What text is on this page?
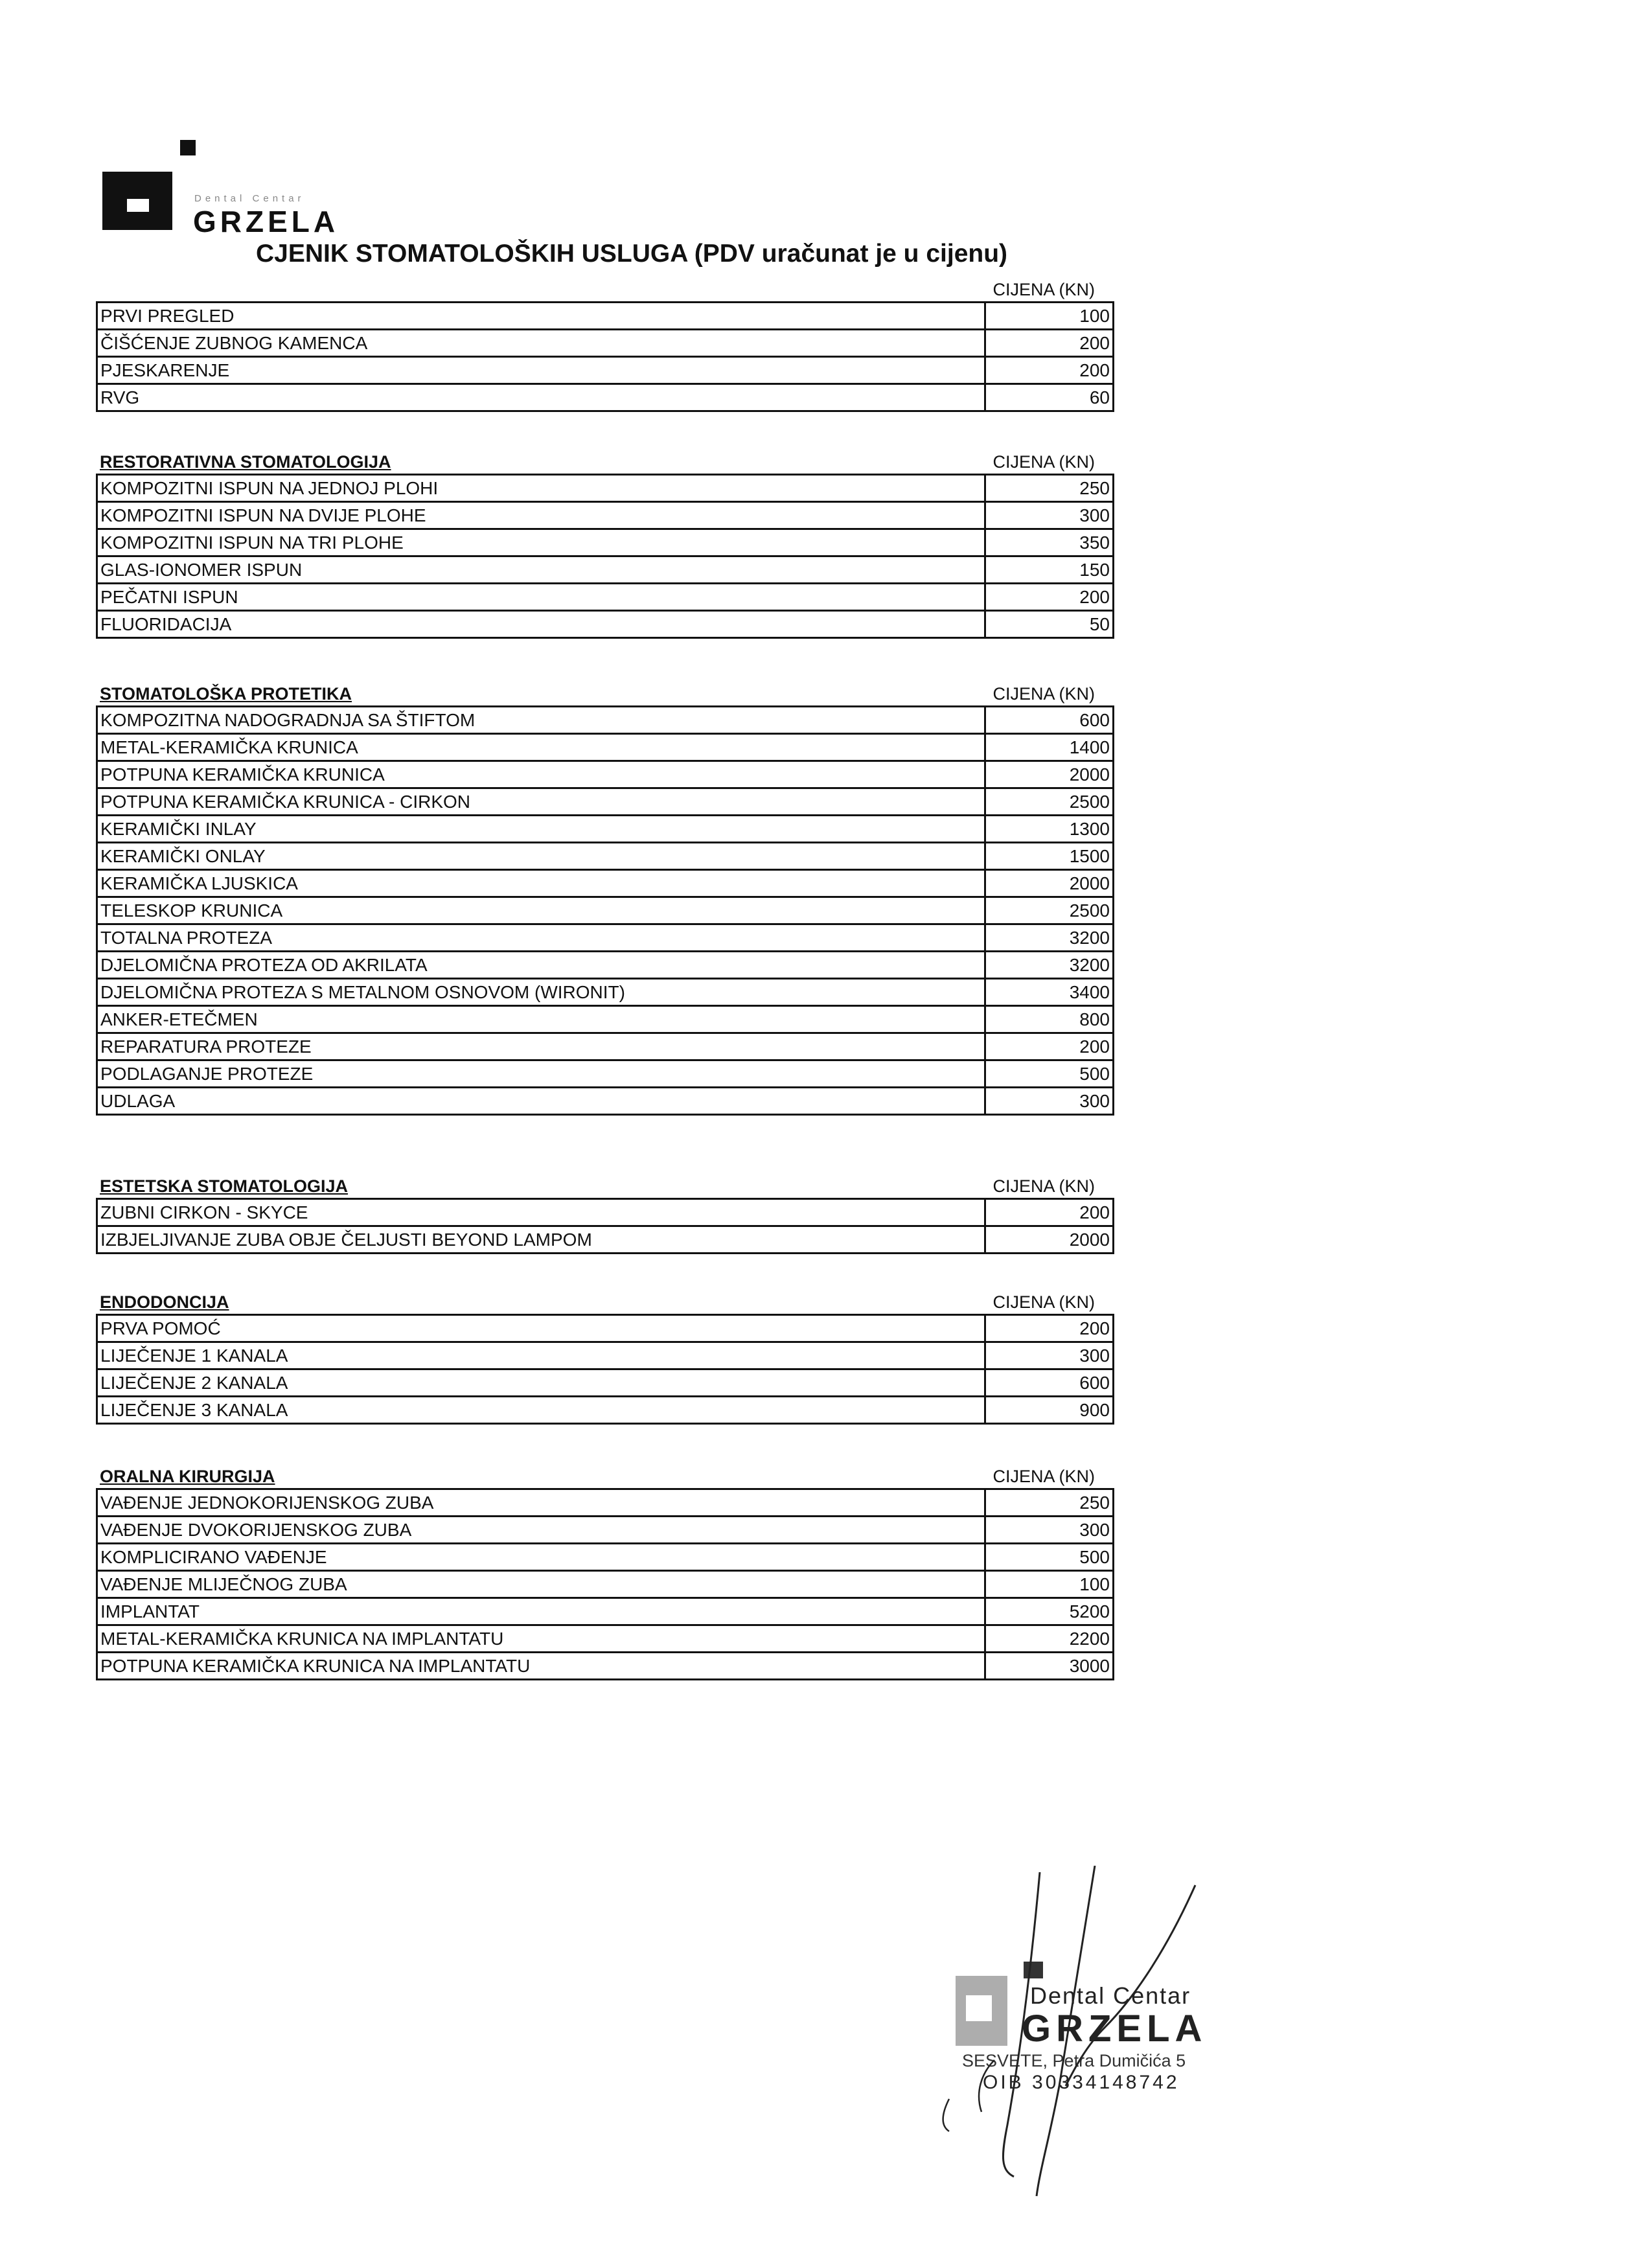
Dental Centar
GRZELA
CJENIK STOMATOLOŠKIH USLUGA (PDV uračunat je u cijenu)
CIJENA (KN)
PRVI PREGLED	100
ČIŠĆENJE ZUBNOG KAMENCA	200
PJESKARENJE	200
RVG	60
RESTORATIVNA STOMATOLOGIJA	CIJENA (KN)
KOMPOZITNI ISPUN NA JEDNOJ PLOHI	250
KOMPOZITNI ISPUN NA DVIJE PLOHE	300
KOMPOZITNI ISPUN NA TRI PLOHE	350
GLAS-IONOMER ISPUN	150
PEČATNI ISPUN	200
FLUORIDACIJA	50
STOMATOLOŠKA PROTETIKA	CIJENA (KN)
KOMPOZITNA NADOGRADNJA SA ŠTIFTOM	600
METAL-KERAMIČKA KRUNICA	1400
POTPUNA KERAMIČKA KRUNICA	2000
POTPUNA KERAMIČKA KRUNICA - CIRKON	2500
KERAMIČKI INLAY	1300
KERAMIČKI ONLAY	1500
KERAMIČKA LJUSKICA	2000
TELESKOP KRUNICA	2500
TOTALNA PROTEZA	3200
DJELOMIČNA PROTEZA OD AKRILATA	3200
DJELOMIČNA PROTEZA S METALNOM OSNOVOM (WIRONIT)	3400
ANKER-ETEČMEN	800
REPARATURA PROTEZE	200
PODLAGANJE PROTEZE	500
UDLAGA	300
ESTETSKA STOMATOLOGIJA	CIJENA (KN)
ZUBNI CIRKON - SKYCE	200
IZBJELJIVANJE ZUBA OBJE ČELJUSTI BEYOND LAMPOM	2000
ENDODONCIJA	CIJENA (KN)
PRVA POMOĆ	200
LIJEČENJE 1 KANALA	300
LIJEČENJE 2 KANALA	600
LIJEČENJE 3 KANALA	900
ORALNA KIRURGIJA	CIJENA (KN)
VAĐENJE JEDNOKORIJENSKOG ZUBA	250
VAĐENJE DVOKORIJENSKOG ZUBA	300
KOMPLICIRANO VAĐENJE	500
VAĐENJE MLIJEČNOG ZUBA	100
IMPLANTAT	5200
METAL-KERAMIČKA KRUNICA NA IMPLANTATU	2200
POTPUNA KERAMIČKA KRUNICA NA IMPLANTATU	3000
Dental Centar
GRZELA
SESVETE, Petra Dumičića 5
OIB 30334148742
